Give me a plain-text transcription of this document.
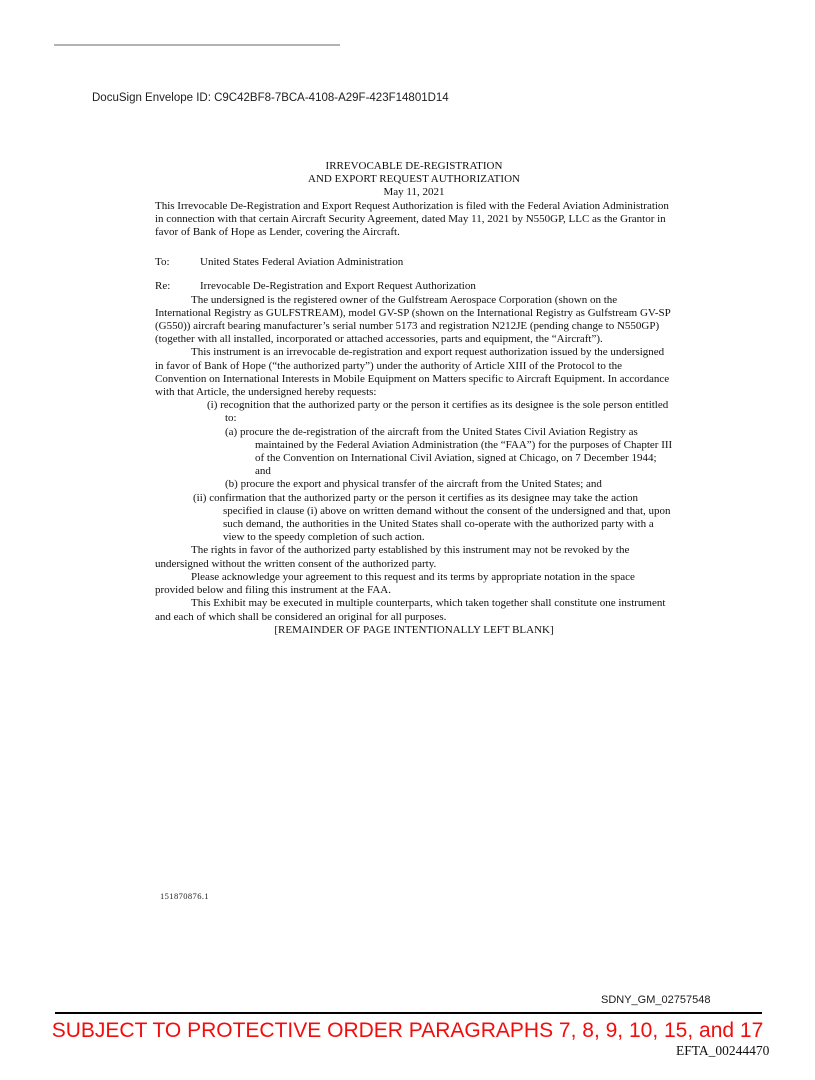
DocuSign Envelope ID: C9C42BF8-7BCA-4108-A29F-423F14801D14

IRREVOCABLE DE-REGISTRATION

AND EXPORT REQUEST AUTHORIZATION

May 11, 2021

This Irrevocable De-Registration and Export Request Authorization is filed with the Federal Aviation Administration in connection with that certain Aircraft Security Agreement, dated May 11, 2021 by N550GP, LLC as the Grantor in favor of Bank of Hope as Lender, covering the Aircraft.

To:	United States Federal Aviation Administration
Re:	Irrevocable De-Registration and Export Request Authorization

The undersigned is the registered owner of the Gulfstream Aerospace Corporation (shown on the International Registry as GULFSTREAM), model GV-SP (shown on the International Registry as Gulfstream GV-SP (G550)) aircraft bearing manufacturer’s serial number 5173 and registration N212JE (pending change to N550GP) (together with all installed, incorporated or attached accessories, parts and equipment, the “Aircraft”).

This instrument is an irrevocable de-registration and export request authorization issued by the undersigned in favor of Bank of Hope (“the authorized party”) under the authority of Article XIII of the Protocol to the Convention on International Interests in Mobile Equipment on Matters specific to Aircraft Equipment. In accordance with that Article, the undersigned hereby requests:

(i) recognition that the authorized party or the person it certifies as its designee is the sole person entitled to:

(a) procure the de-registration of the aircraft from the United States Civil Aviation Registry as maintained by the Federal Aviation Administration (the “FAA”) for the purposes of Chapter III of the Convention on International Civil Aviation, signed at Chicago, on 7 December 1944; and

(b) procure the export and physical transfer of the aircraft from the United States; and

(ii) confirmation that the authorized party or the person it certifies as its designee may take the action specified in clause (i) above on written demand without the consent of the undersigned and that, upon such demand, the authorities in the United States shall co-operate with the authorized party with a view to the speedy completion of such action.

The rights in favor of the authorized party established by this instrument may not be revoked by the undersigned without the written consent of the authorized party.

Please acknowledge your agreement to this request and its terms by appropriate notation in the space provided below and filing this instrument at the FAA.

This Exhibit may be executed in multiple counterparts, which taken together shall constitute one instrument and each of which shall be considered an original for all purposes.

[REMAINDER OF PAGE INTENTIONALLY LEFT BLANK]

151870876.1
SDNY_GM_02757548
SUBJECT TO PROTECTIVE ORDER PARAGRAPHS 7, 8, 9, 10, 15, and 17
EFTA_00244470
